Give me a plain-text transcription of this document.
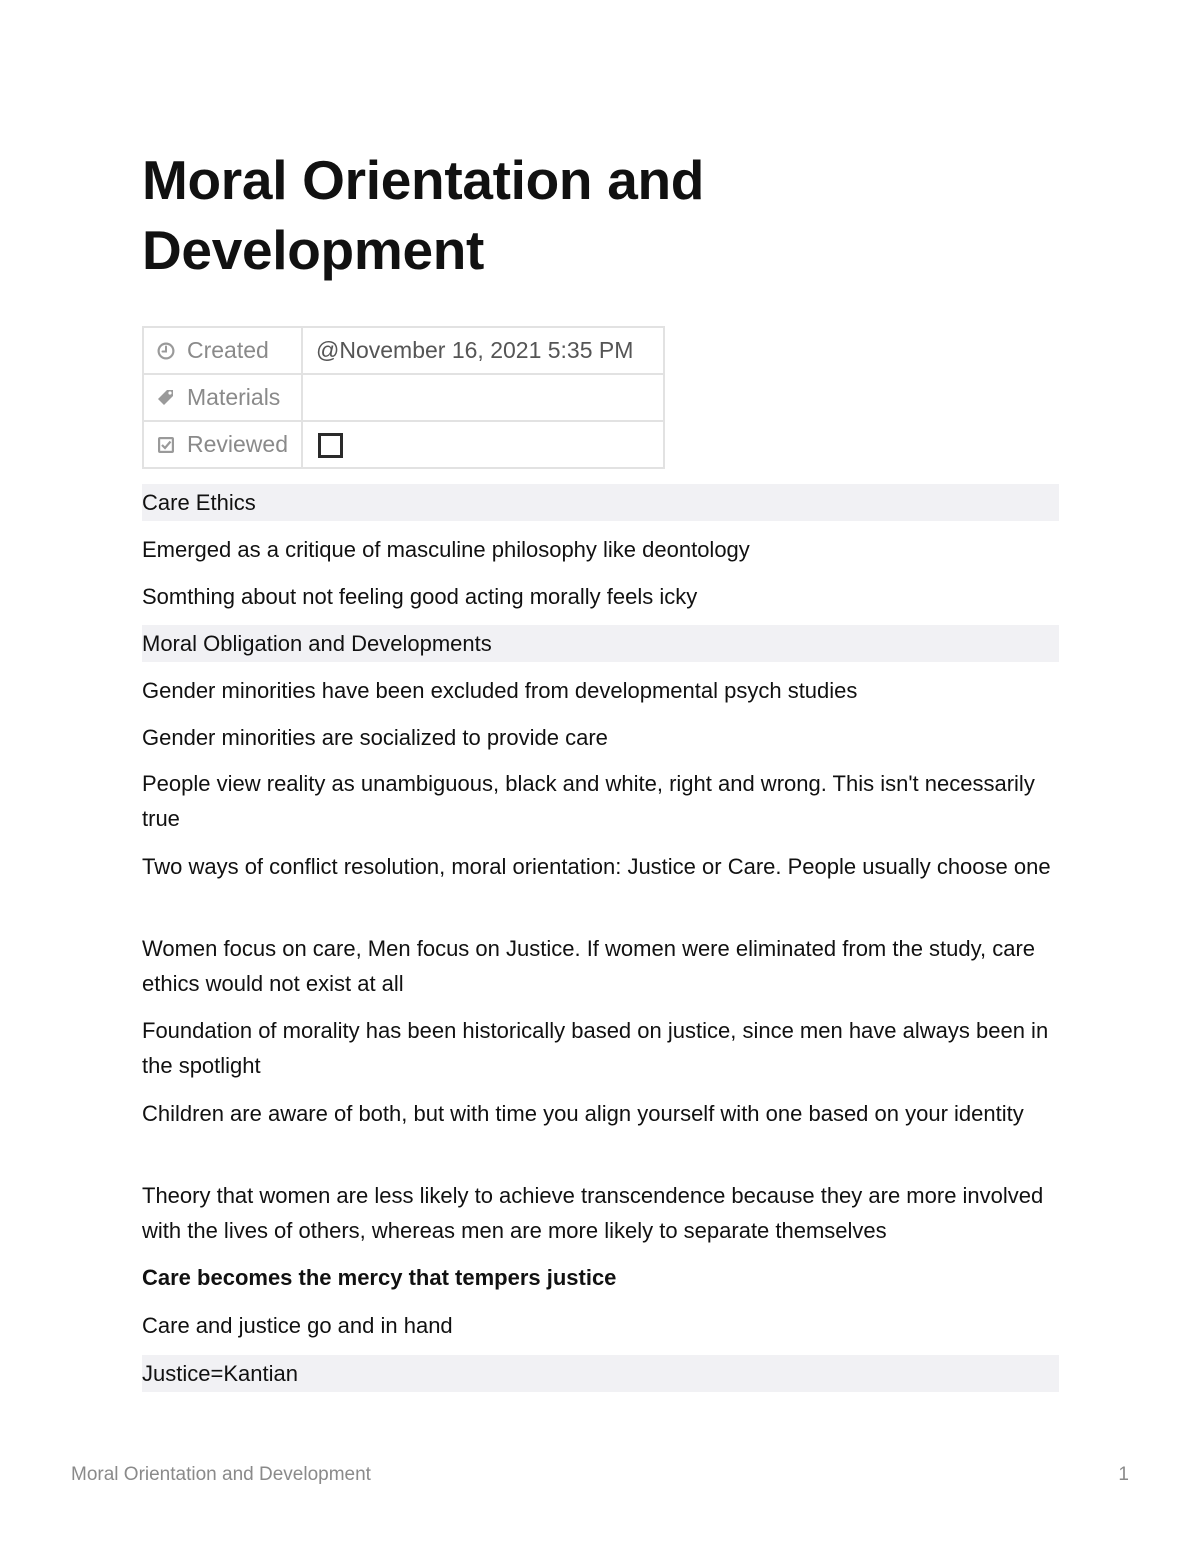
Moral Orientation and Development
Created	@November 16, 2021 5:35 PM

Materials	

Reviewed	

Care Ethics
Emerged as a critique of masculine philosophy like deontology
Somthing about not feeling good acting morally feels icky
Moral Obligation and Developments
Gender minorities have been excluded from developmental psych studies
Gender minorities are socialized to provide care
People view reality as unambiguous, black and white, right and wrong. This isn't necessarily true
Two ways of conflict resolution, moral orientation: Justice or Care. People usually choose one
Women focus on care, Men focus on Justice. If women were eliminated from the study, care ethics would not exist at all
Foundation of morality has been historically based on justice, since men have always been in the spotlight
Children are aware of both, but with time you align yourself with one based on your identity
Theory that women are less likely to achieve transcendence because they are more involved with the lives of others, whereas men are more likely to separate themselves
Care becomes the mercy that tempers justice
Care and justice go and in hand
Justice=Kantian
Moral Orientation and Development	1
